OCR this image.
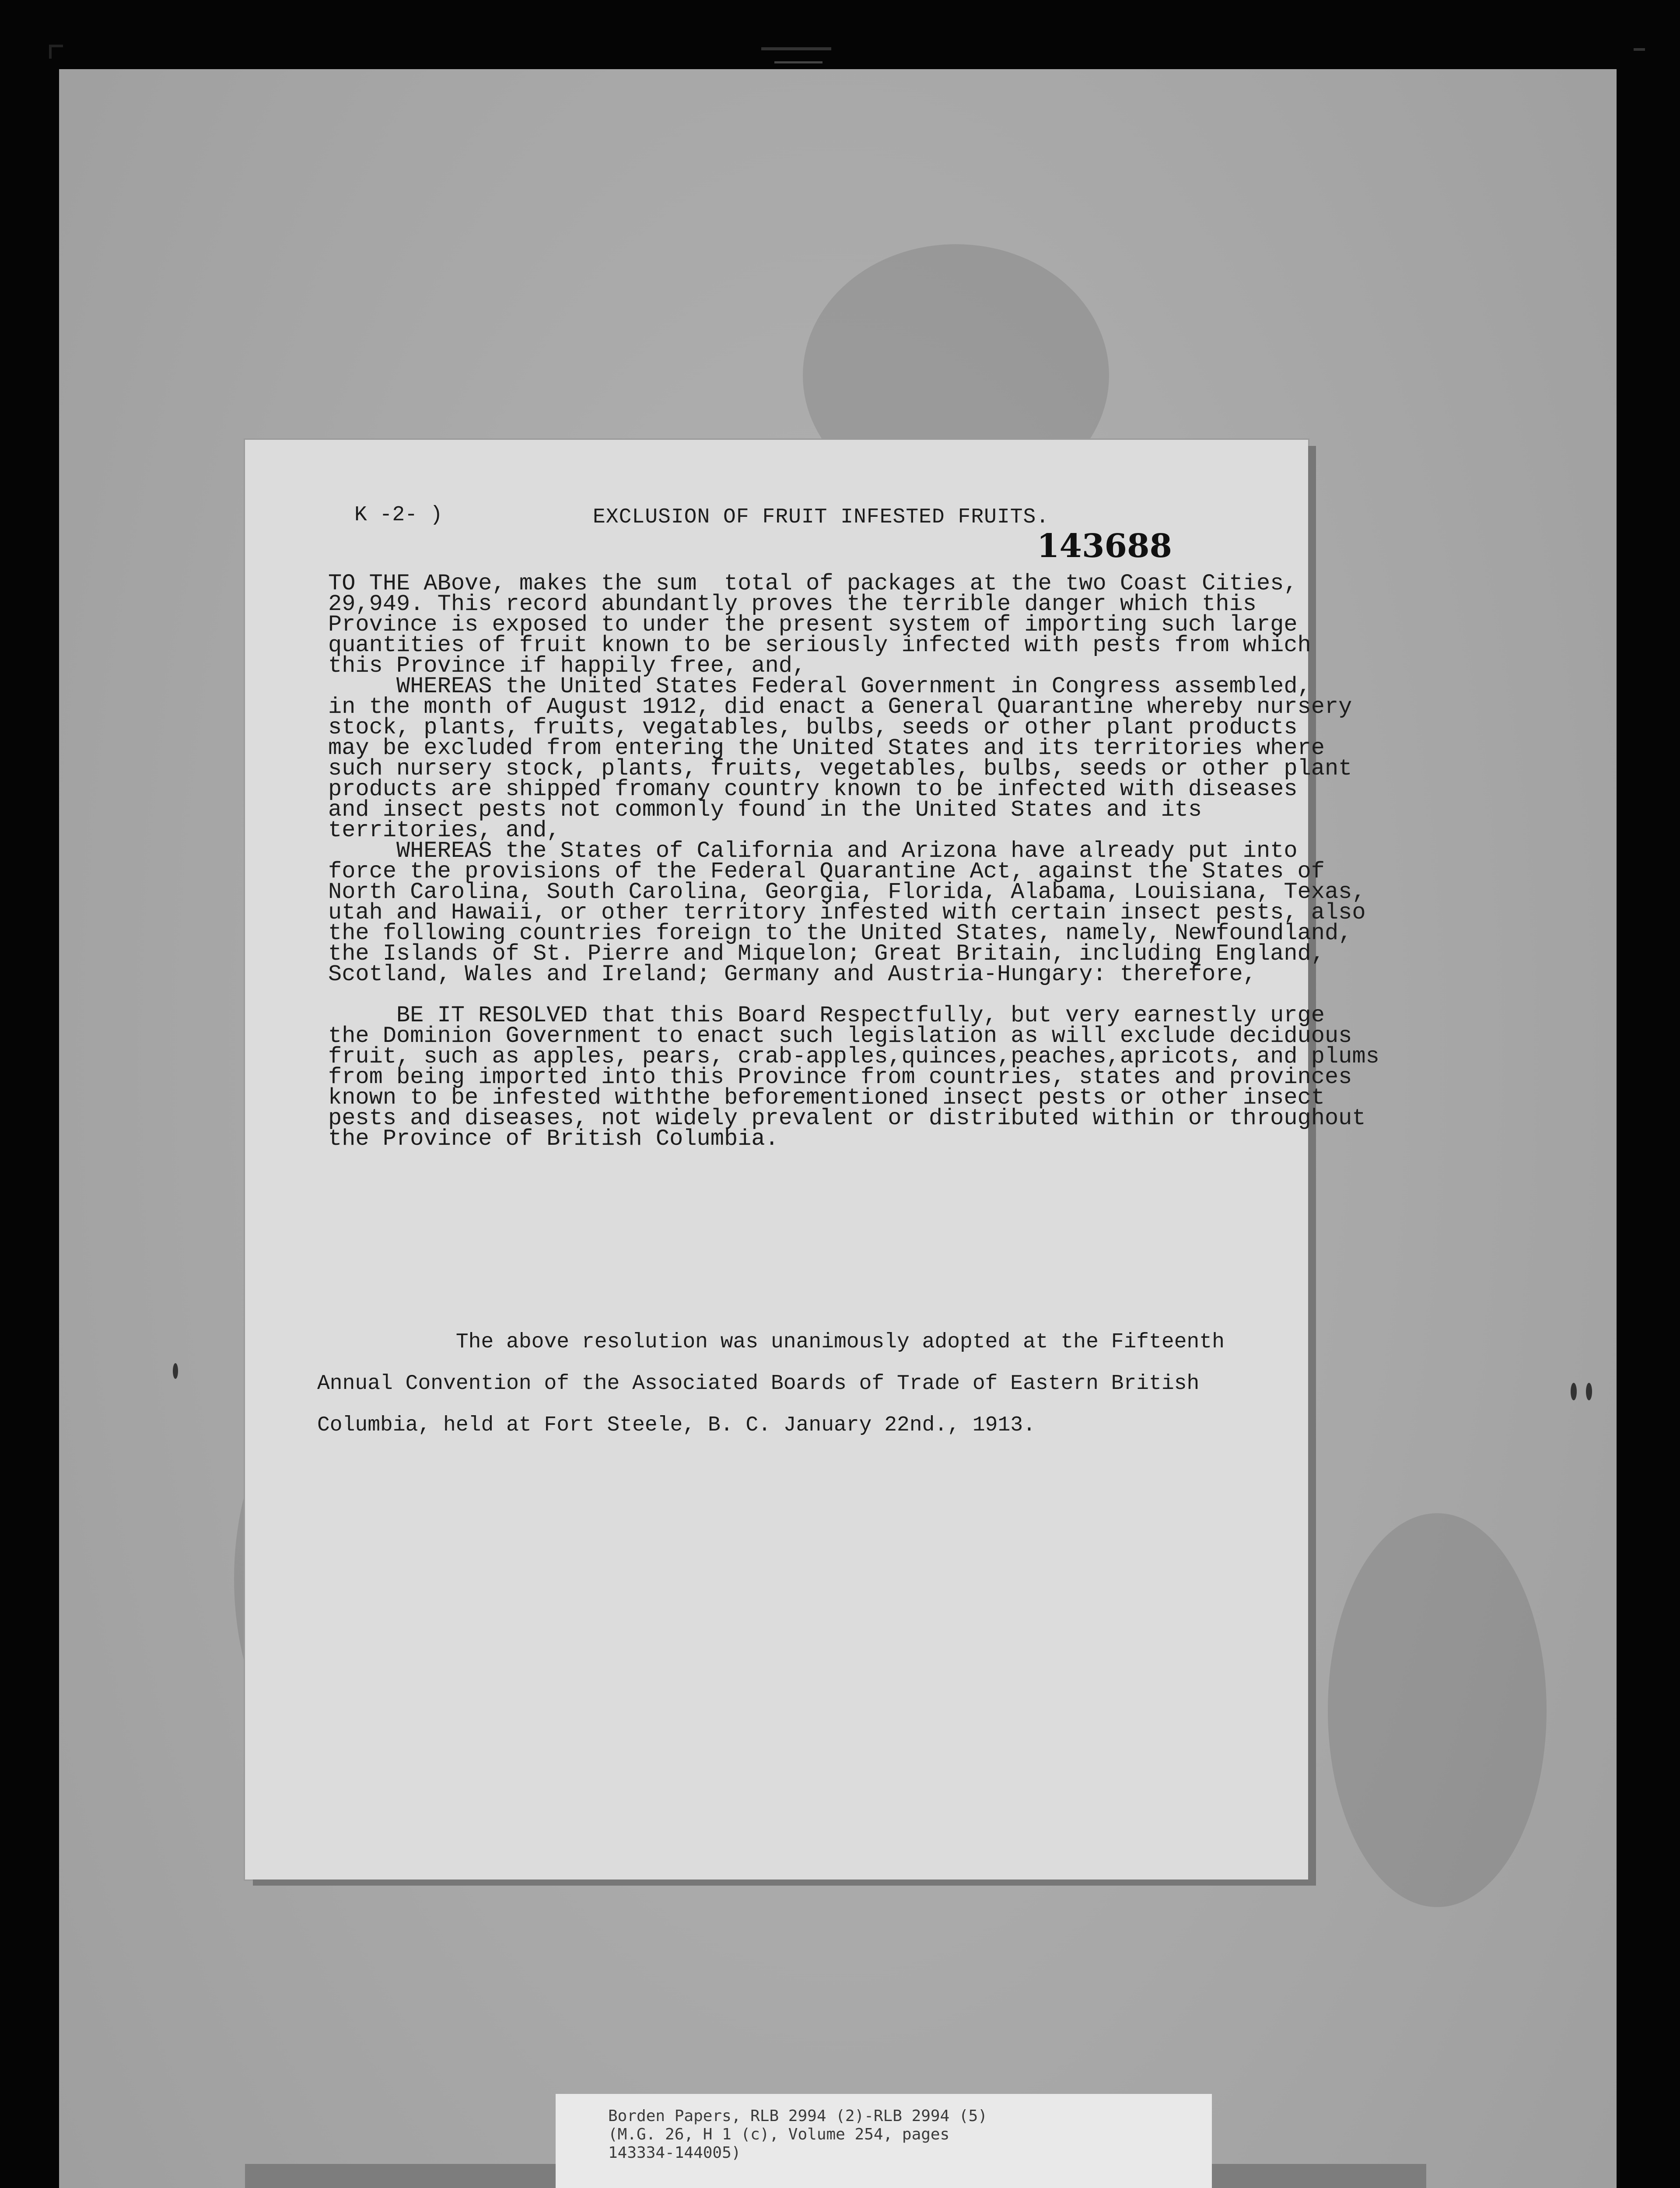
K -2- )	EXCLUSION OF FRUIT INFESTED FRUITS.
143688
TO THE ABove, makes the sum  total of packages at the two Coast Cities,
29,949. This record abundantly proves the terrible danger which this
Province is exposed to under the present system of importing such large
quantities of fruit known to be seriously infected with pests from which
this Province if happily free, and,
WHEREAS the United States Federal Government in Congress assembled,
in the month of August 1912, did enact a General Quarantine whereby nursery
stock, plants, fruits, vegatables, bulbs, seeds or other plant products
may be excluded from entering the United States and its territories where
such nursery stock, plants, fruits, vegetables, bulbs, seeds or other plant
products are shipped fromany country known to be infected with diseases
and insect pests not commonly found in the United States and its
territories, and,
WHEREAS the States of California and Arizona have already put into
force the provisions of the Federal Quarantine Act, against the States of
North Carolina, South Carolina, Georgia, Florida, Alabama, Louisiana, Texas,
utah and Hawaii, or other territory infested with certain insect pests, also
the following countries foreign to the United States, namely, Newfoundland,
the Islands of St. Pierre and Miquelon; Great Britain, including England,
Scotland, Wales and Ireland; Germany and Austria-Hungary: therefore,

BE IT RESOLVED that this Board Respectfully, but very earnestly urge
the Dominion Government to enact such legislation as will exclude deciduous
fruit, such as apples, pears, crab-apples,quinces,peaches,apricots, and plums
from being imported into this Province from countries, states and provinces
known to be infested withthe beforementioned insect pests or other insect
pests and diseases, not widely prevalent or distributed within or throughout
the Province of British Columbia.
The above resolution was unanimously adopted at the Fifteenth
Annual Convention of the Associated Boards of Trade of Eastern British
Columbia, held at Fort Steele, B. C. January 22nd., 1913.
Borden Papers, RLB 2994 (2)-RLB 2994 (5)
(M.G. 26, H 1 (c), Volume 254, pages
143334-144005)
